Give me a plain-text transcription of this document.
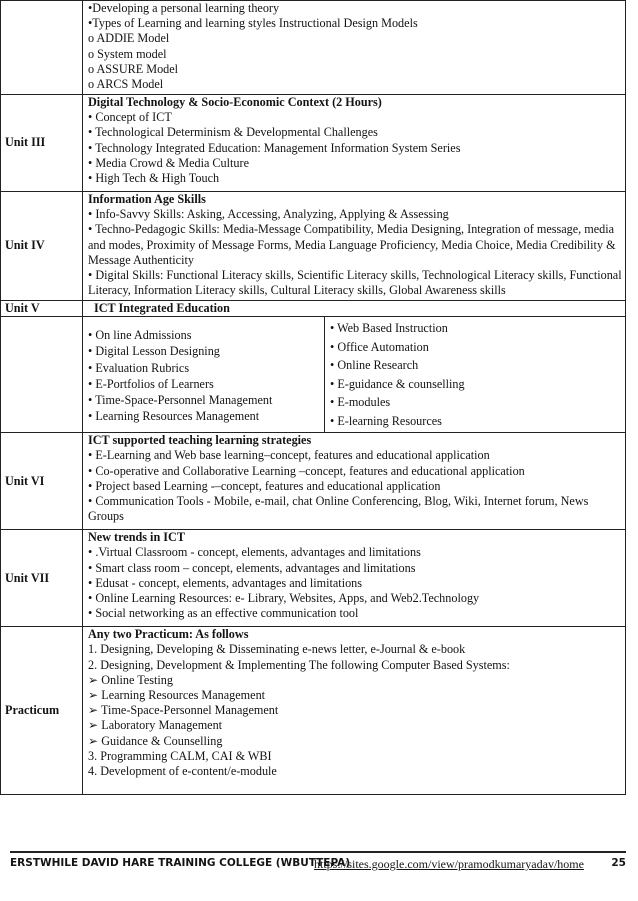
•Developing a personal learning theory
•Types of Learning and learning styles Instructional Design Models
o ADDIE Model
o System model
o ASSURE Model
o ARCS Model

Unit III	
Digital Technology & Socio-Economic Context (2 Hours)
• Concept of ICT
• Technological Determinism & Developmental Challenges
• Technology Integrated Education: Management Information System Series
• Media Crowd & Media Culture
• High Tech & High Touch

Unit IV	
Information Age Skills
• Info-Savvy Skills: Asking, Accessing, Analyzing, Applying & Assessing
• Techno-Pedagogic Skills: Media-Message Compatibility, Media Designing, Integration of message, media and modes, Proximity of Message Forms, Media Language Proficiency, Media Choice, Media Credibility & Message Authenticity
• Digital Skills: Functional Literacy skills, Scientific Literacy skills, Technological Literacy skills, Functional Literacy, Information Literacy skills, Cultural Literacy skills, Global Awareness skills

Unit V	ICT Integrated Education

• On line Admissions
• Digital Lesson Designing
• Evaluation Rubrics
• E-Portfolios of Learners
• Time-Space-Personnel Management
• Learning Resources Management

• Web Based Instruction
• Office Automation
• Online Research
• E-guidance & counselling
• E-modules
• E-learning Resources

Unit VI	
ICT supported teaching learning strategies
• E-Learning and Web base learning–concept, features and educational application
• Co-operative and Collaborative Learning –concept, features and educational application
• Project based Learning -–concept, features and educational application
• Communication Tools - Mobile, e-mail, chat Online Conferencing, Blog, Wiki, Internet forum, News Groups

Unit VII	
New trends in ICT
• .Virtual Classroom - concept, elements, advantages and limitations
• Smart class room – concept, elements, advantages and limitations
• Edusat - concept, elements, advantages and limitations
• Online Learning Resources: e- Library, Websites, Apps, and Web2.Technology
• Social networking as an effective communication tool

Practicum	
Any two Practicum: As follows
1. Designing, Developing & Disseminating e-news letter, e-Journal & e-book
2. Designing, Development & Implementing The following Computer Based Systems:
➢ Online Testing
➢ Learning Resources Management
➢ Time-Space-Personnel Management
➢ Laboratory Management
➢ Guidance & Counselling
3. Programming CALM, CAI & WBI
4. Development of e-content/e-module
ERSTWHILE DAVID HARE TRAINING COLLEGE (WBUTTEPA)
https://sites.google.com/view/pramodkumaryadav/home	25
